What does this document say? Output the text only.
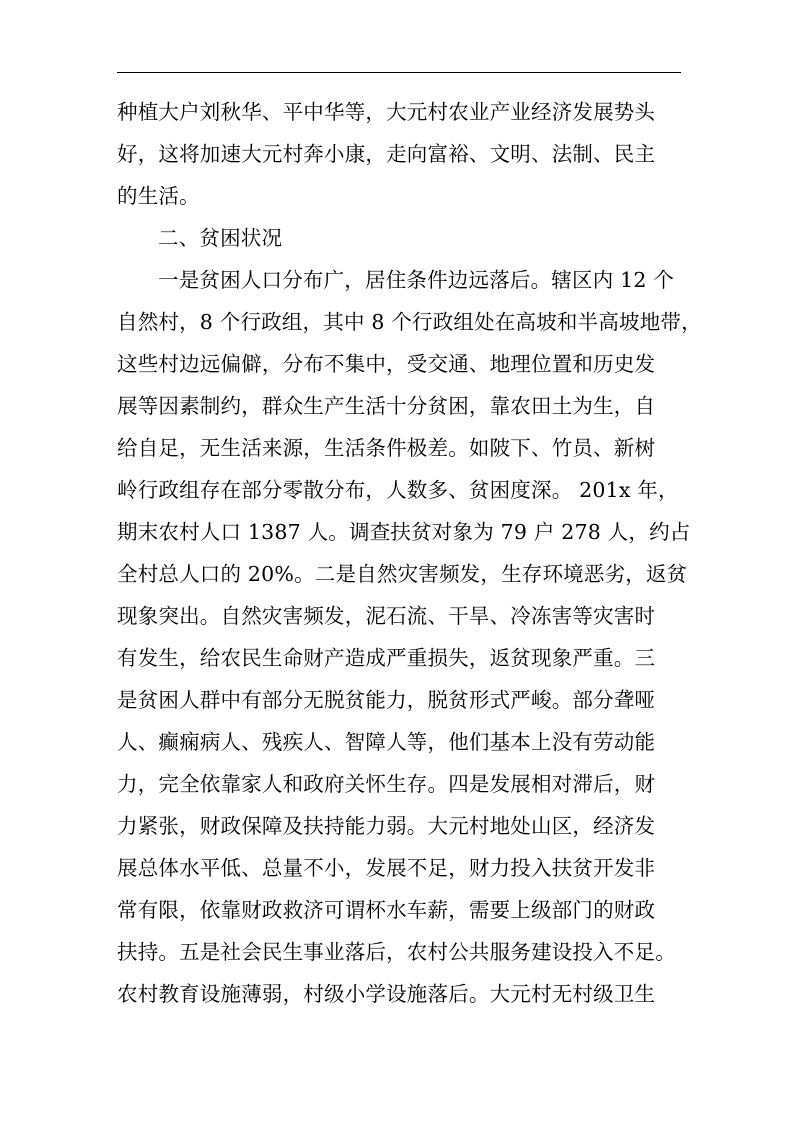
种植大户刘秋华、平中华等，大元村农业产业经济发展势头
好，这将加速大元村奔小康，走向富裕、文明、法制、民主
的生活。
二、贫困状况
一是贫困人口分布广，居住条件边远落后。辖区内 12 个
自然村，8 个行政组，其中 8 个行政组处在高坡和半高坡地带，
这些村边远偏僻，分布不集中，受交通、地理位置和历史发
展等因素制约，群众生产生活十分贫困，靠农田土为生，自
给自足，无生活来源，生活条件极差。如陂下、竹员、新树
岭行政组存在部分零散分布，人数多、贫困度深。 201x 年，
期末农村人口 1387 人。调查扶贫对象为 79 户 278 人，约占
全村总人口的 20%。二是自然灾害频发，生存环境恶劣，返贫
现象突出。自然灾害频发，泥石流、干旱、冷冻害等灾害时
有发生，给农民生命财产造成严重损失，返贫现象严重。三
是贫困人群中有部分无脱贫能力，脱贫形式严峻。部分聋哑
人、癫痫病人、残疾人、智障人等，他们基本上没有劳动能
力，完全依靠家人和政府关怀生存。四是发展相对滞后，财
力紧张，财政保障及扶持能力弱。大元村地处山区，经济发
展总体水平低、总量不小，发展不足，财力投入扶贫开发非
常有限，依靠财政救济可谓杯水车薪，需要上级部门的财政
扶持。五是社会民生事业落后，农村公共服务建设投入不足。
农村教育设施薄弱，村级小学设施落后。大元村无村级卫生
